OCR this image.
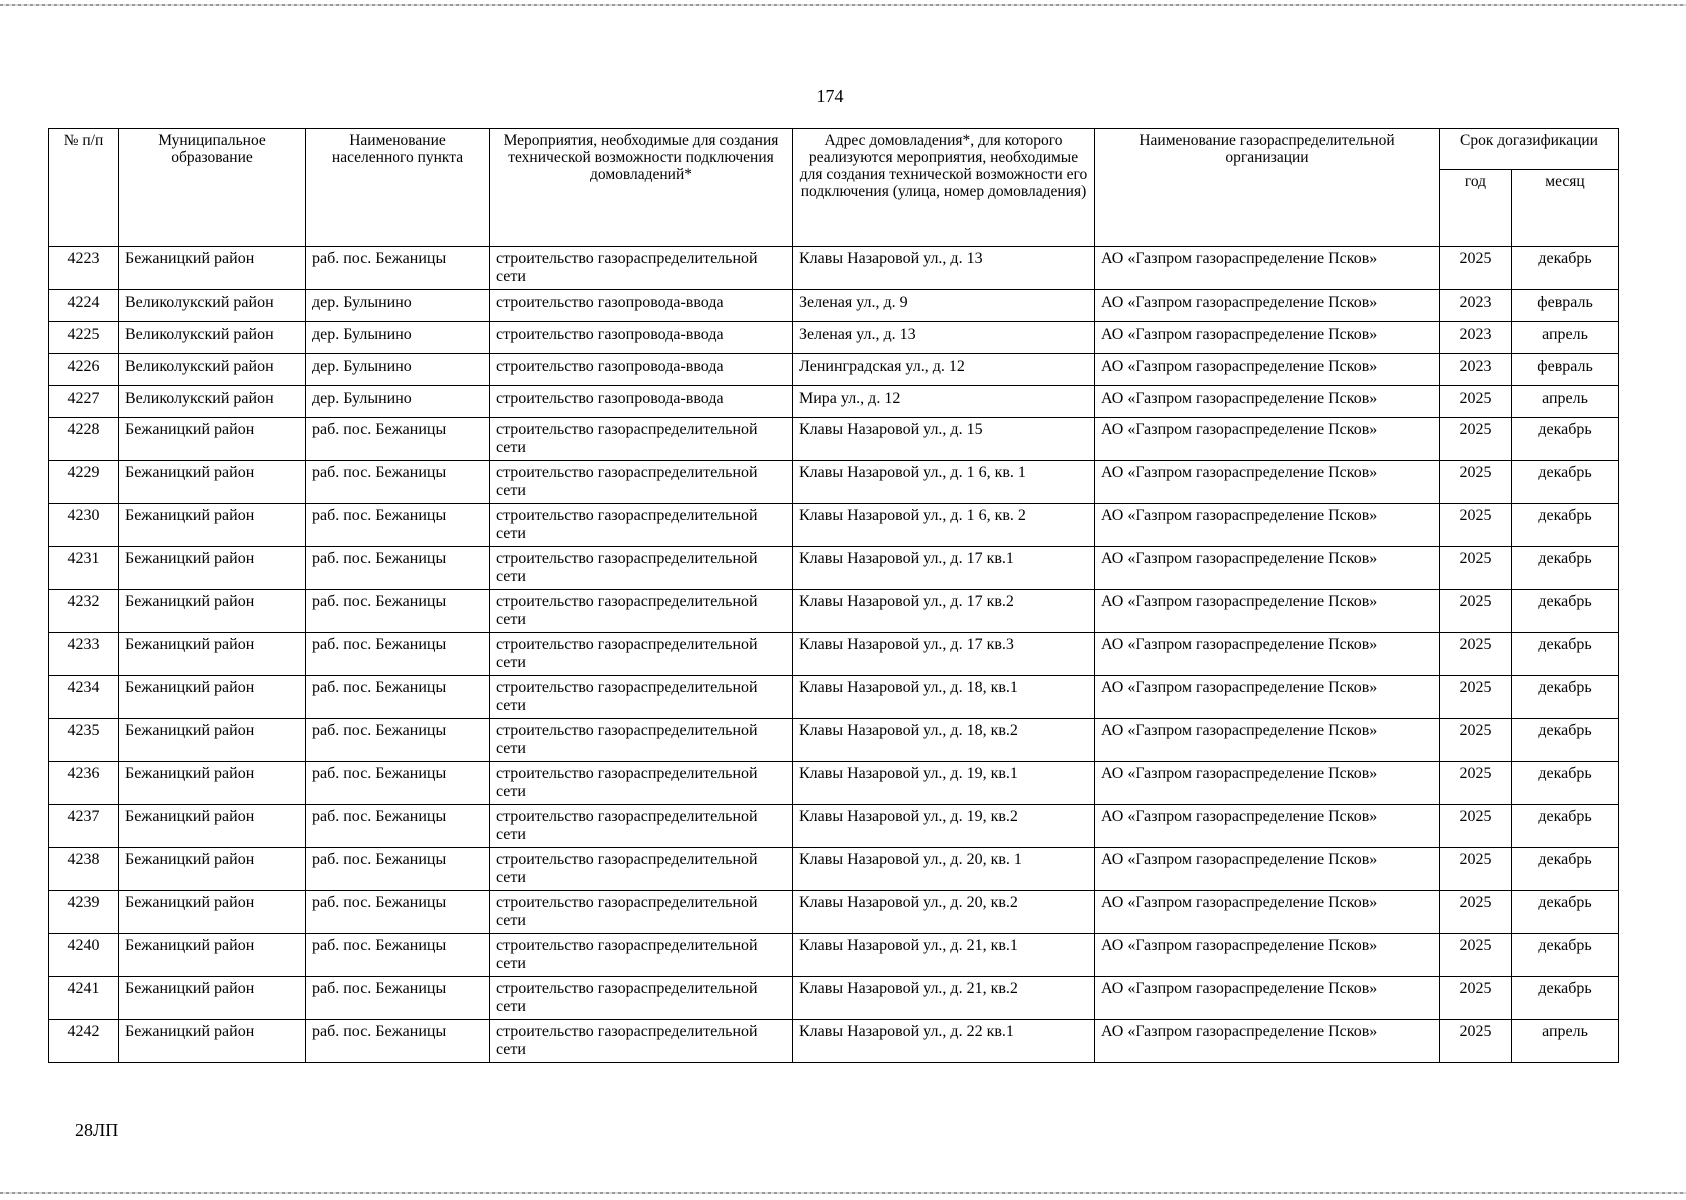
174
№ п/п	Муниципальное образование	Наименование населенного пункта	Мероприятия, необходимые для создания технической возможности подключения домовладений*	Адрес домовладения*, для которого реализуются мероприятия, необходимые для создания технической возможности его подключения (улица, номер домовладения)	Наименование газораспределительной организации	Срок догазификации	
						год	месяц
4223	Бежаницкий район	раб. пос. Бежаницы	строительство газораспределительной сети	Клавы Назаровой ул., д. 13	АО «Газпром газораспределение Псков»	2025	декабрь
4224	Великолукский район	дер. Булынино	строительство газопровода-ввода	Зеленая ул., д. 9	АО «Газпром газораспределение Псков»	2023	февраль
4225	Великолукский район	дер. Булынино	строительство газопровода-ввода	Зеленая ул., д. 13	АО «Газпром газораспределение Псков»	2023	апрель
4226	Великолукский район	дер. Булынино	строительство газопровода-ввода	Ленинградская ул., д. 12	АО «Газпром газораспределение Псков»	2023	февраль
4227	Великолукский район	дер. Булынино	строительство газопровода-ввода	Мира ул., д. 12	АО «Газпром газораспределение Псков»	2025	апрель
4228	Бежаницкий район	раб. пос. Бежаницы	строительство газораспределительной сети	Клавы Назаровой ул., д. 15	АО «Газпром газораспределение Псков»	2025	декабрь
4229	Бежаницкий район	раб. пос. Бежаницы	строительство газораспределительной сети	Клавы Назаровой ул., д. 1 6, кв. 1	АО «Газпром газораспределение Псков»	2025	декабрь
4230	Бежаницкий район	раб. пос. Бежаницы	строительство газораспределительной сети	Клавы Назаровой ул., д. 1 6, кв. 2	АО «Газпром газораспределение Псков»	2025	декабрь
4231	Бежаницкий район	раб. пос. Бежаницы	строительство газораспределительной сети	Клавы Назаровой ул., д. 17 кв.1	АО «Газпром газораспределение Псков»	2025	декабрь
4232	Бежаницкий район	раб. пос. Бежаницы	строительство газораспределительной сети	Клавы Назаровой ул., д. 17 кв.2	АО «Газпром газораспределение Псков»	2025	декабрь
4233	Бежаницкий район	раб. пос. Бежаницы	строительство газораспределительной сети	Клавы Назаровой ул., д. 17 кв.3	АО «Газпром газораспределение Псков»	2025	декабрь
4234	Бежаницкий район	раб. пос. Бежаницы	строительство газораспределительной сети	Клавы Назаровой ул., д. 18, кв.1	АО «Газпром газораспределение Псков»	2025	декабрь
4235	Бежаницкий район	раб. пос. Бежаницы	строительство газораспределительной сети	Клавы Назаровой ул., д. 18, кв.2	АО «Газпром газораспределение Псков»	2025	декабрь
4236	Бежаницкий район	раб. пос. Бежаницы	строительство газораспределительной сети	Клавы Назаровой ул., д. 19, кв.1	АО «Газпром газораспределение Псков»	2025	декабрь
4237	Бежаницкий район	раб. пос. Бежаницы	строительство газораспределительной сети	Клавы Назаровой ул., д. 19, кв.2	АО «Газпром газораспределение Псков»	2025	декабрь
4238	Бежаницкий район	раб. пос. Бежаницы	строительство газораспределительной сети	Клавы Назаровой ул., д. 20, кв. 1	АО «Газпром газораспределение Псков»	2025	декабрь
4239	Бежаницкий район	раб. пос. Бежаницы	строительство газораспределительной сети	Клавы Назаровой ул., д. 20, кв.2	АО «Газпром газораспределение Псков»	2025	декабрь
4240	Бежаницкий район	раб. пос. Бежаницы	строительство газораспределительной сети	Клавы Назаровой ул., д. 21, кв.1	АО «Газпром газораспределение Псков»	2025	декабрь
4241	Бежаницкий район	раб. пос. Бежаницы	строительство газораспределительной сети	Клавы Назаровой ул., д. 21, кв.2	АО «Газпром газораспределение Псков»	2025	декабрь
4242	Бежаницкий район	раб. пос. Бежаницы	строительство газораспределительной сети	Клавы Назаровой ул., д. 22 кв.1	АО «Газпром газораспределение Псков»	2025	апрель
28ЛП
